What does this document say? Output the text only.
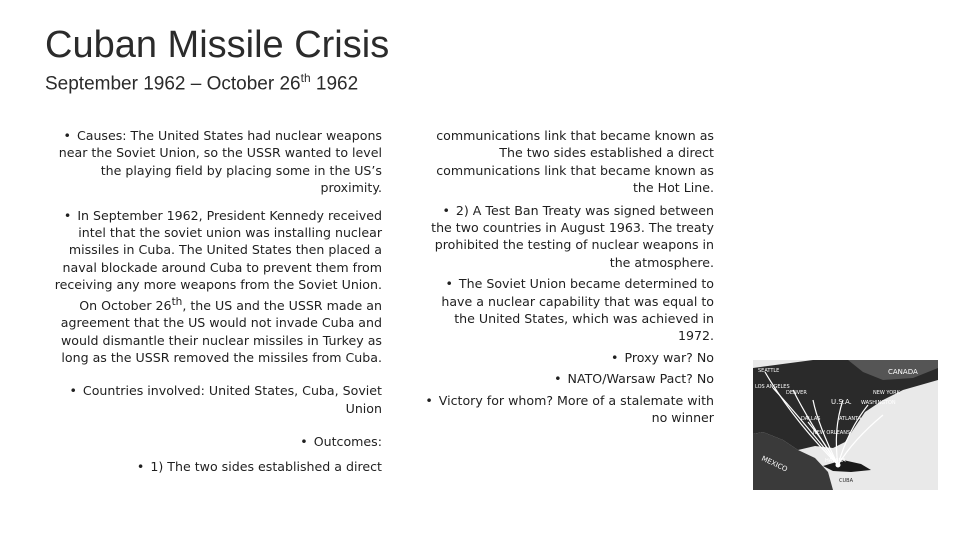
Cuban Missile Crisis
September 1962 – October 26th 1962

• Causes: The United States had nuclear weapons near the Soviet Union, so the USSR wanted to level the playing field by placing some in the US’s proximity.

• In September 1962, President Kennedy received intel that the soviet union was installing nuclear missiles in Cuba. The United States then placed a naval blockade around Cuba to prevent them from receiving any more weapons from the Soviet Union. On October 26th, the US and the USSR made an agreement that the US would not invade Cuba and would dismantle their nuclear missiles in Turkey as long as the USSR removed the missiles from Cuba.

• Countries involved: United States, Cuba, Soviet Union

• Outcomes:

• 1) The two sides established a direct

communications link that became known as The two sides established a direct communications link that became known as the Hot Line.

• 2) A Test Ban Treaty was signed between the two countries in August 1963. The treaty prohibited the testing of nuclear weapons in the atmosphere.

• The Soviet Union became determined to have a nuclear capability that was equal to the United States, which was achieved in 1972.

• Proxy war? No

• NATO/Warsaw Pact? No

• Victory for whom? More of a stalemate with no winner

SEATTLE	CANADA
LOS ANGELES
DENVER
DALLAS
U.S.A. WASHINGTON
NEW YORK
ATLANTA
NEW ORLEANS
MEXICO
CUBA
HAVANA
